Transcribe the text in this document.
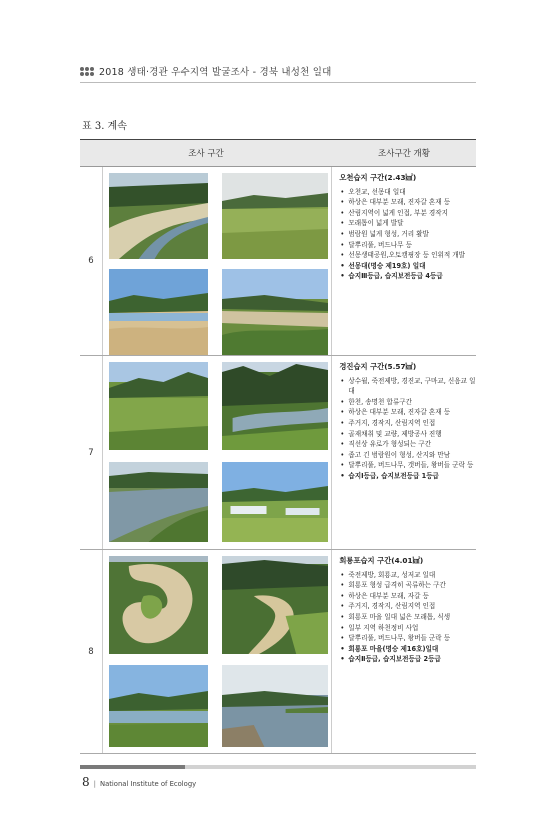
2018 생태·경관 우수지역 발굴조사 - 경북 내성천 일대
표 3. 계속
조사 구간	조사구간 개황
6
오천습지 구간(2.43㎢)
• 오천교, 선몽대 일대
• 하상은 대부분 모래, 진자갈 혼재 등
• 산림지역이 넓게 인접, 부분 경작지
• 모래톱이 넓게 발달
• 범람원 넓게 형성, 거리 활발
• 달뿌리풀, 버드나무 등
• 선몽생태공원,오토캠핑장 등 인위적 개발
• 선몽대(명승 제19호) 일대
• 습지Ⅲ등급, 습지보전등급 4등급
7
경진습지 구간(5.57㎢)
• 상수월, 죽전제방, 경진교, 구마교, 신음교 일대
• 한천, 송명천 합류구간
• 하상은 대부분 모래, 진자갈 혼재 등
• 주거지, 경작지, 산림지역 인접
• 골재채취 및 교량, 제방공사 진행
• 직선상 유로가 형성되는 구간
• 좁고 긴 범람원이 형성, 산지와 만남
• 달뿌리풀, 버드나무, 갯버들, 왕버들 군락 등
• 습지Ⅰ등급, 습지보전등급 1등급
8
회룡포습지 구간(4.01㎢)
• 죽전제방, 회룡교, 성저교 일대
• 회룡포 형성 급격히 곡류하는 구간
• 하상은 대부분 모래, 자갈 등
• 주거지, 경작지, 산림지역 인접
• 회룡포 마을 일대 넓은 모래톱, 식생
• 일부 지역 하천정비 사업
• 달뿌리풀, 버드나무, 왕버들 군락 등
• 회룡포 마을(명승 제16호)일대
• 습지Ⅱ등급, 습지보전등급 2등급
8 | National Institute of Ecology
